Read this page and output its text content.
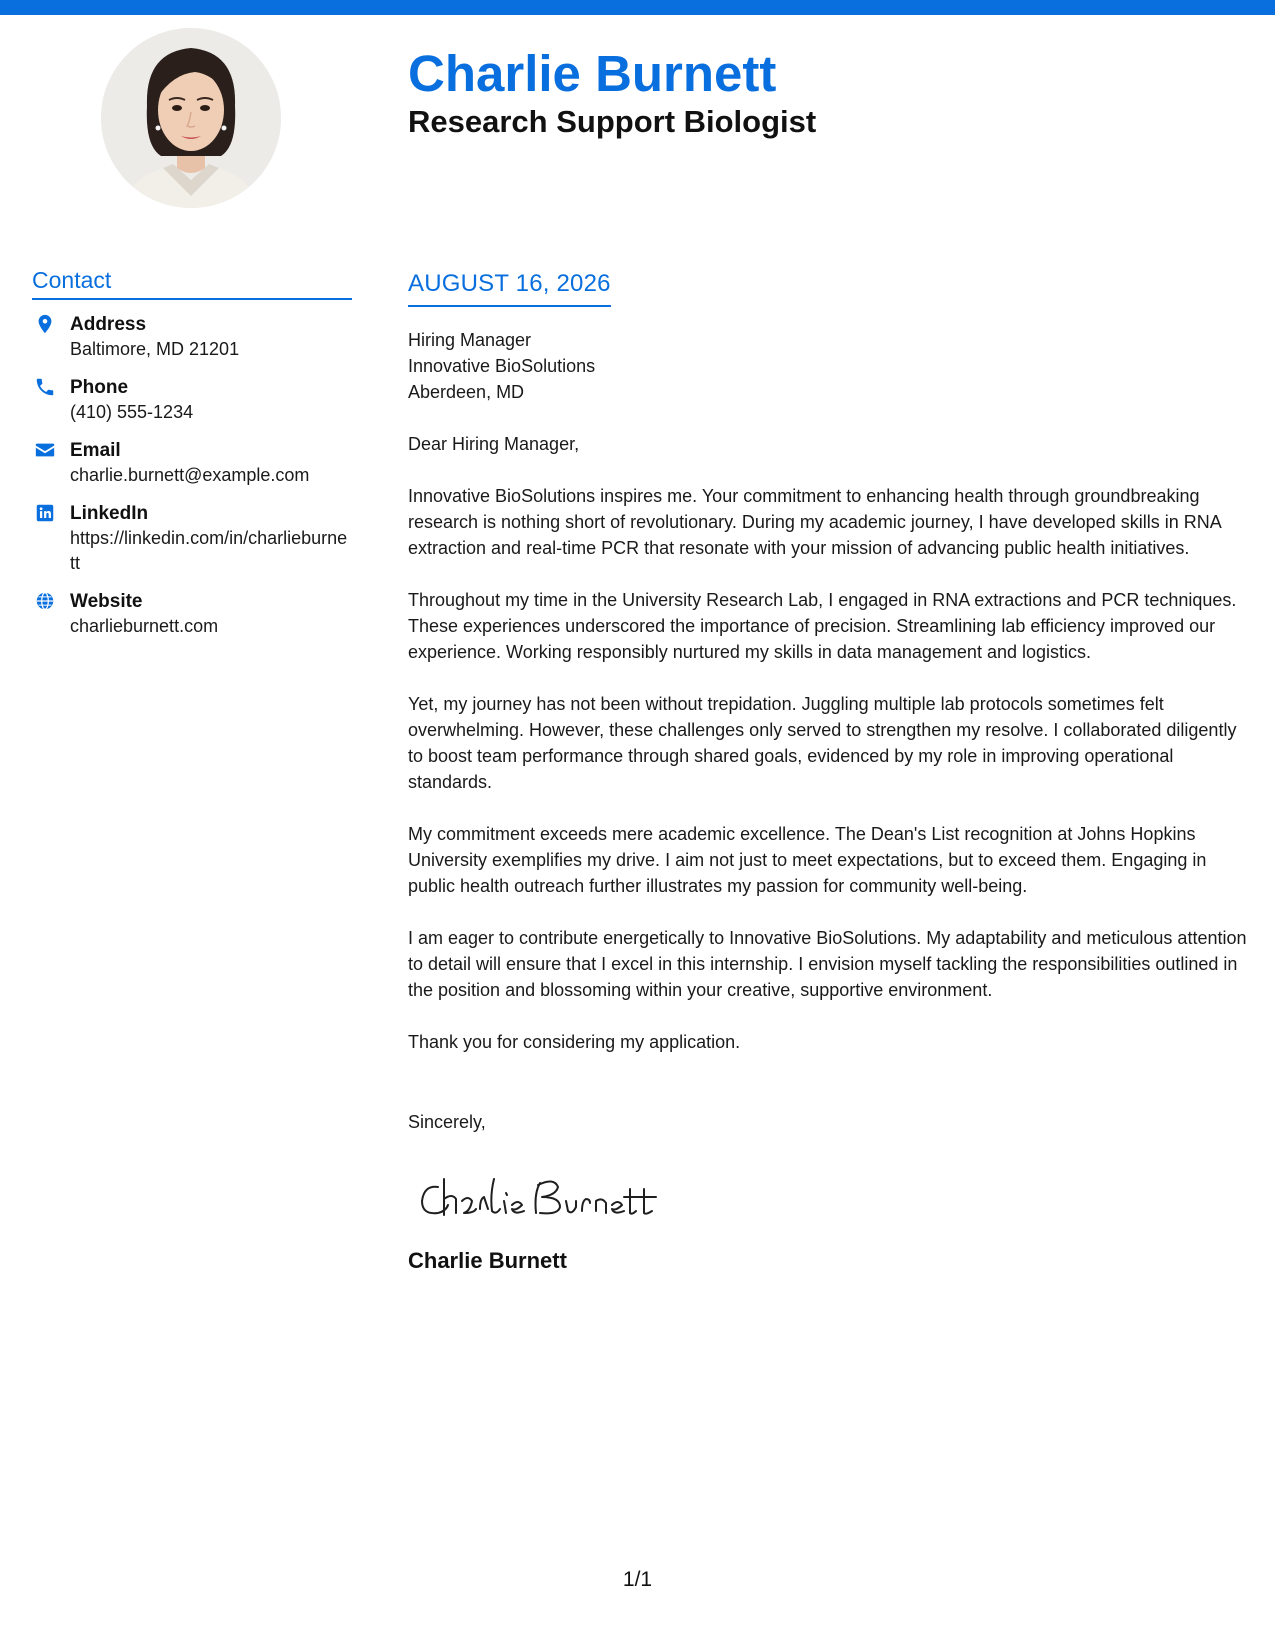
Charlie Burnett
Research Support Biologist
Contact
Address
Baltimore, MD 21201
Phone
(410) 555-1234
Email
charlie.burnett@example.com
LinkedIn
https://linkedin.com/in/charlieburnett
Website
charlieburnett.com
AUGUST 16, 2026
Hiring Manager
Innovative BioSolutions
Aberdeen, MD
Dear Hiring Manager,

Innovative BioSolutions inspires me. Your commitment to enhancing health through groundbreaking research is nothing short of revolutionary. During my academic journey, I have developed skills in RNA extraction and real-time PCR that resonate with your mission of advancing public health initiatives.

Throughout my time in the University Research Lab, I engaged in RNA extractions and PCR techniques. These experiences underscored the importance of precision. Streamlining lab efficiency improved our experience. Working responsibly nurtured my skills in data management and logistics.

Yet, my journey has not been without trepidation. Juggling multiple lab protocols sometimes felt overwhelming. However, these challenges only served to strengthen my resolve. I collaborated diligently to boost team performance through shared goals, evidenced by my role in improving operational standards.

My commitment exceeds mere academic excellence. The Dean's List recognition at Johns Hopkins University exemplifies my drive. I aim not just to meet expectations, but to exceed them. Engaging in public health outreach further illustrates my passion for community well-being.

I am eager to contribute energetically to Innovative BioSolutions. My adaptability and meticulous attention to detail will ensure that I excel in this internship. I envision myself tackling the responsibilities outlined in the position and blossoming within your creative, supportive environment.

Thank you for considering my application.

Sincerely,
Charlie Burnett
1/1
